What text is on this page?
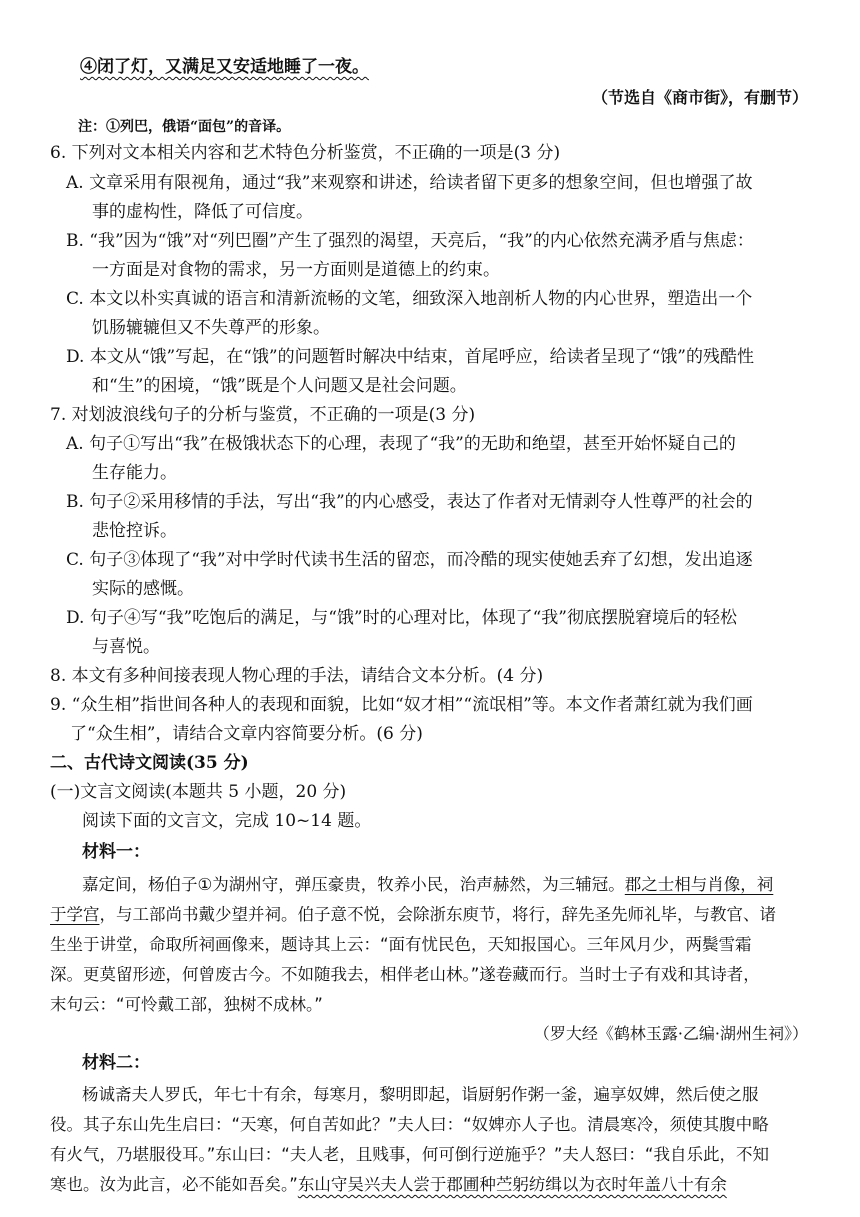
④闭了灯，又满足又安适地睡了一夜。
（节选自《商市街》，有删节）
注：①列巴，俄语“面包”的音译。
6. 下列对文本相关内容和艺术特色分析鉴赏，不正确的一项是(3 分)
A. 文章采用有限视角，通过“我”来观察和讲述，给读者留下更多的想象空间，但也增强了故
事的虚构性，降低了可信度。
B. “我”因为“饿”对“列巴圈”产生了强烈的渴望，天亮后，“我”的内心依然充满矛盾与焦虑：
一方面是对食物的需求，另一方面则是道德上的约束。
C. 本文以朴实真诚的语言和清新流畅的文笔，细致深入地剖析人物的内心世界，塑造出一个
饥肠辘辘但又不失尊严的形象。
D. 本文从“饿”写起，在“饿”的问题暂时解决中结束，首尾呼应，给读者呈现了“饿”的残酷性
和“生”的困境，“饿”既是个人问题又是社会问题。
7. 对划波浪线句子的分析与鉴赏，不正确的一项是(3 分)
A. 句子①写出“我”在极饿状态下的心理，表现了“我”的无助和绝望，甚至开始怀疑自己的
生存能力。
B. 句子②采用移情的手法，写出“我”的内心感受，表达了作者对无情剥夺人性尊严的社会的
悲怆控诉。
C. 句子③体现了“我”对中学时代读书生活的留恋，而冷酷的现实使她丢弃了幻想，发出追逐
实际的感慨。
D. 句子④写“我”吃饱后的满足，与“饿”时的心理对比，体现了“我”彻底摆脱窘境后的轻松
与喜悦。
8. 本文有多种间接表现人物心理的手法，请结合文本分析。(4 分)
9. “众生相”指世间各种人的表现和面貌，比如“奴才相”“流氓相”等。本文作者萧红就为我们画
了“众生相”，请结合文章内容简要分析。(6 分)
二、古代诗文阅读(35 分)
(一)文言文阅读(本题共 5 小题，20 分)
阅读下面的文言文，完成 10~14 题。
材料一：
嘉定间，杨伯子①为湖州守，弹压豪贵，牧养小民，治声赫然，为三辅冠。郡之士相与肖像，祠
于学宫，与工部尚书戴少望并祠。伯子意不悦，会除浙东庾节，将行，辞先圣先师礼毕，与教官、诸
生坐于讲堂，命取所祠画像来，题诗其上云：“面有忧民色，天知报国心。三年风月少，两鬓雪霜
深。更莫留形迹，何曾废古今。不如随我去，相伴老山林。”遂卷藏而行。当时士子有戏和其诗者，
末句云：“可怜戴工部，独树不成林。”
（罗大经《鹤林玉露·乙编·湖州生祠》）
材料二：
杨诚斋夫人罗氏，年七十有余，每寒月，黎明即起，诣厨躬作粥一釜，遍享奴婢，然后使之服
役。其子东山先生启曰：“天寒，何自苦如此？”夫人曰：“奴婢亦人子也。清晨寒冷，须使其腹中略
有火气，乃堪服役耳。”东山曰：“夫人老，且贱事，何可倒行逆施乎？”夫人怒曰：“我自乐此，不知
寒也。汝为此言，必不能如吾矣。”东山守吴兴夫人尝于郡圃种苎躬纺缉以为衣时年盖八十有余
